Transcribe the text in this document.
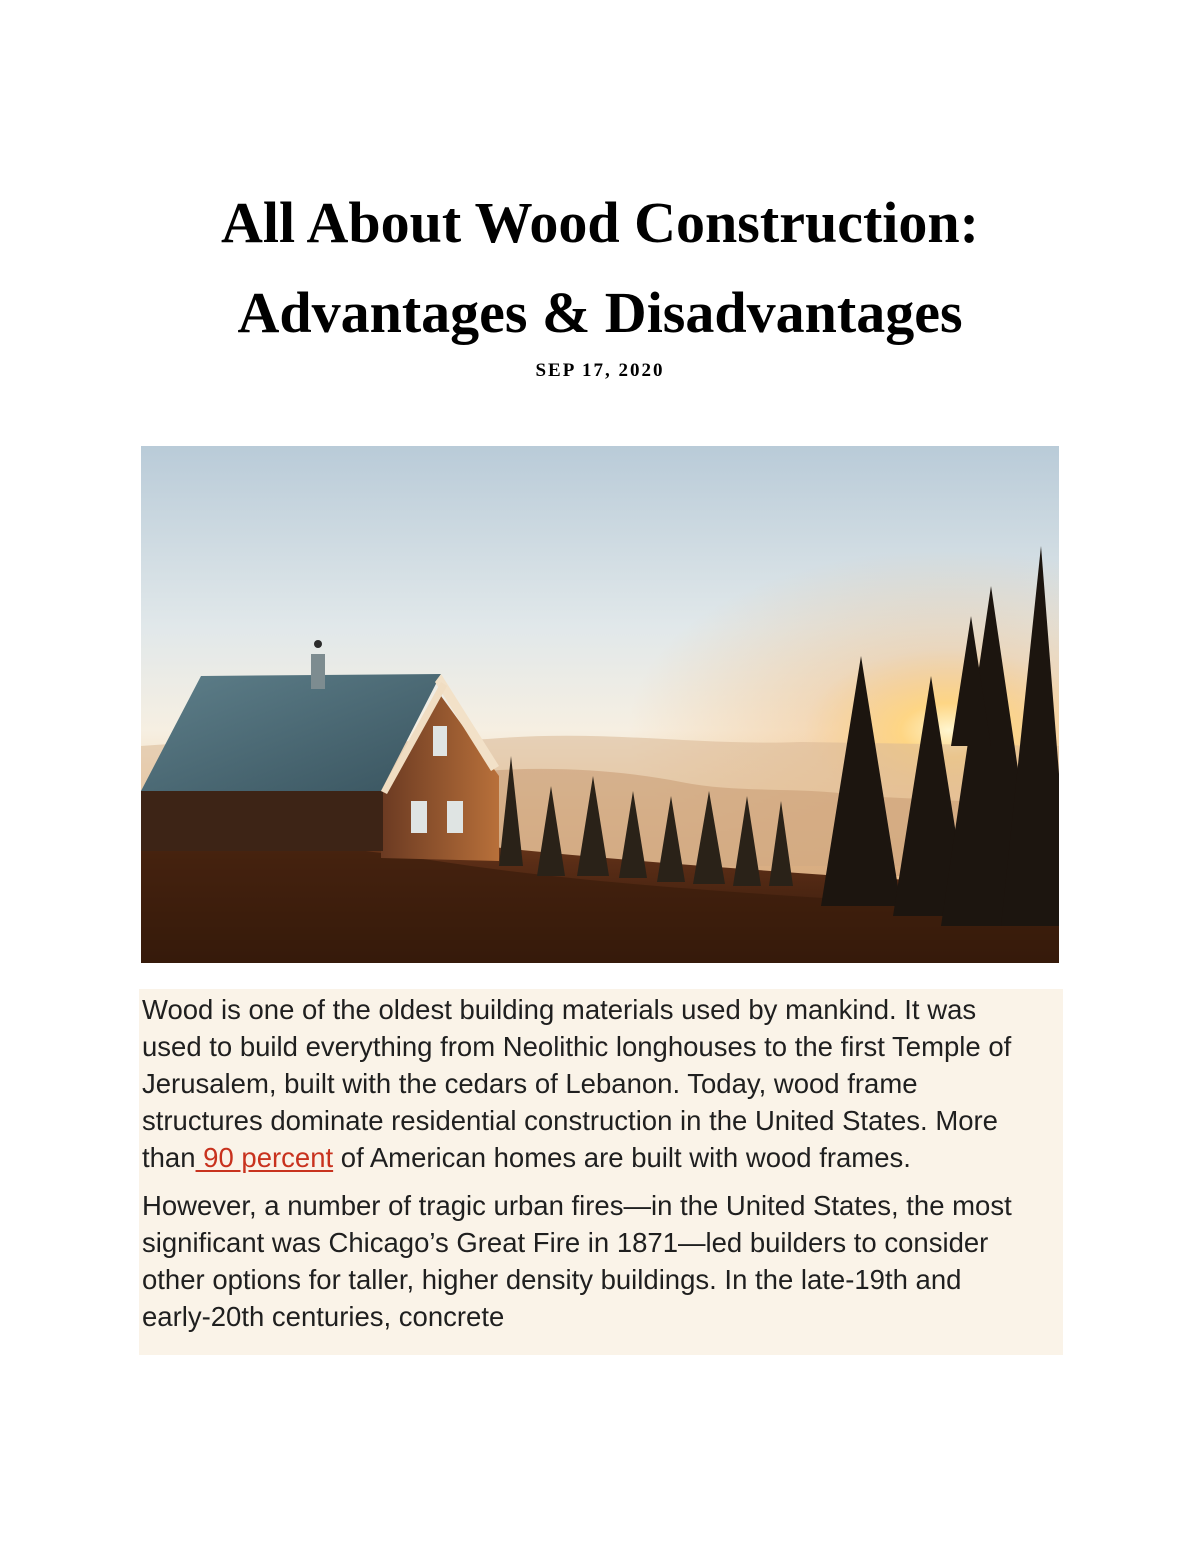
All About Wood Construction:
Advantages & Disadvantages
SEP 17, 2020

Wood is one of the oldest building materials used by mankind. It was used to build everything from Neolithic longhouses to the first Temple of Jerusalem, built with the cedars of Lebanon. Today, wood frame structures dominate residential construction in the United States. More than 90 percent of American homes are built with wood frames.

However, a number of tragic urban fires—in the United States, the most significant was Chicago’s Great Fire in 1871—led builders to consider other options for taller, higher density buildings. In the late-19th and early-20th centuries, concrete
